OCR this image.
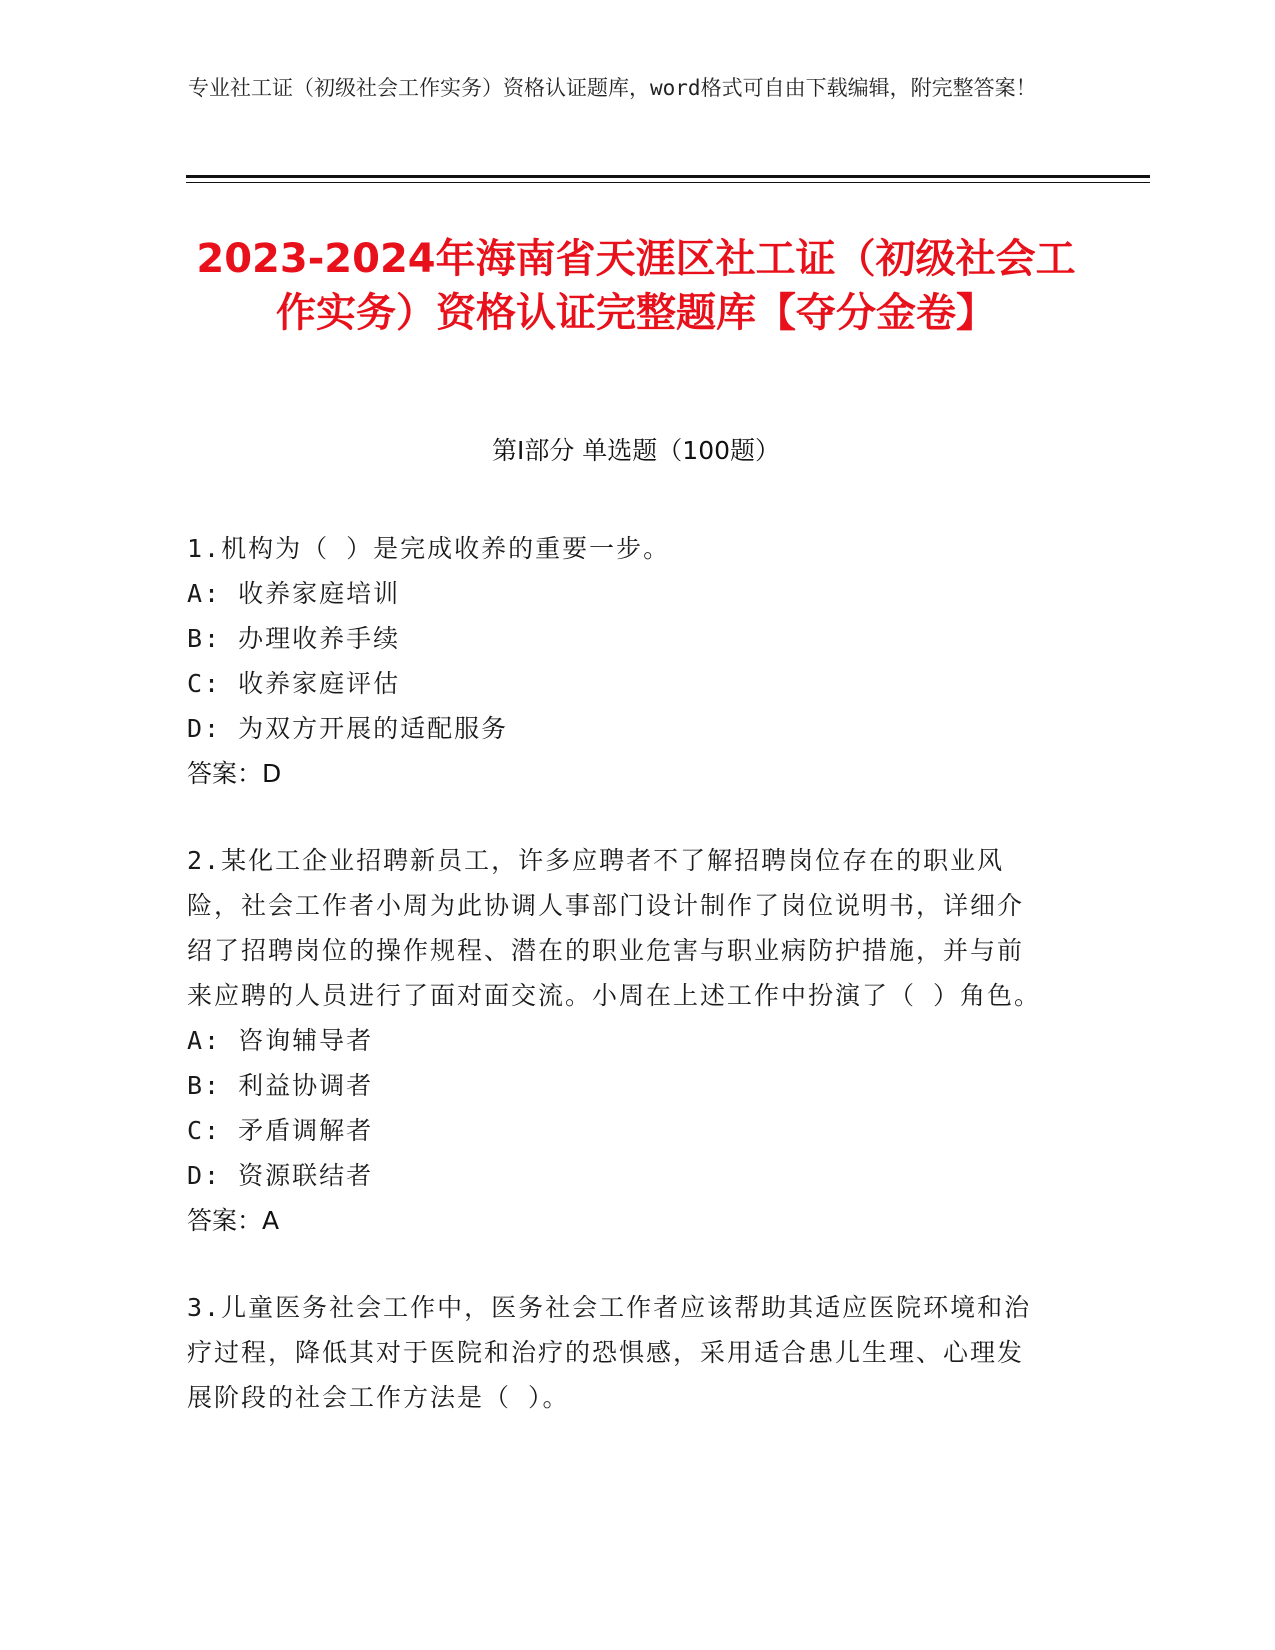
专业社工证（初级社会工作实务）资格认证题库，word格式可自由下载编辑，附完整答案！
2023-2024年海南省天涯区社工证（初级社会工作实务）资格认证完整题库【夺分金卷】
第I部分 单选题（100题）

1.机构为（ ）是完成收养的重要一步。

A: 收养家庭培训
B: 办理收养手续
C: 收养家庭评估
D: 为双方开展的适配服务
答案：D

2.某化工企业招聘新员工，许多应聘者不了解招聘岗位存在的职业风险，社会工作者小周为此协调人事部门设计制作了岗位说明书，详细介绍了招聘岗位的操作规程、潜在的职业危害与职业病防护措施，并与前来应聘的人员进行了面对面交流。小周在上述工作中扮演了（ ）角色。

A: 咨询辅导者
B: 利益协调者
C: 矛盾调解者
D: 资源联结者
答案：A

3.儿童医务社会工作中，医务社会工作者应该帮助其适应医院环境和治疗过程，降低其对于医院和治疗的恐惧感，采用适合患儿生理、心理发展阶段的社会工作方法是（ ）。
